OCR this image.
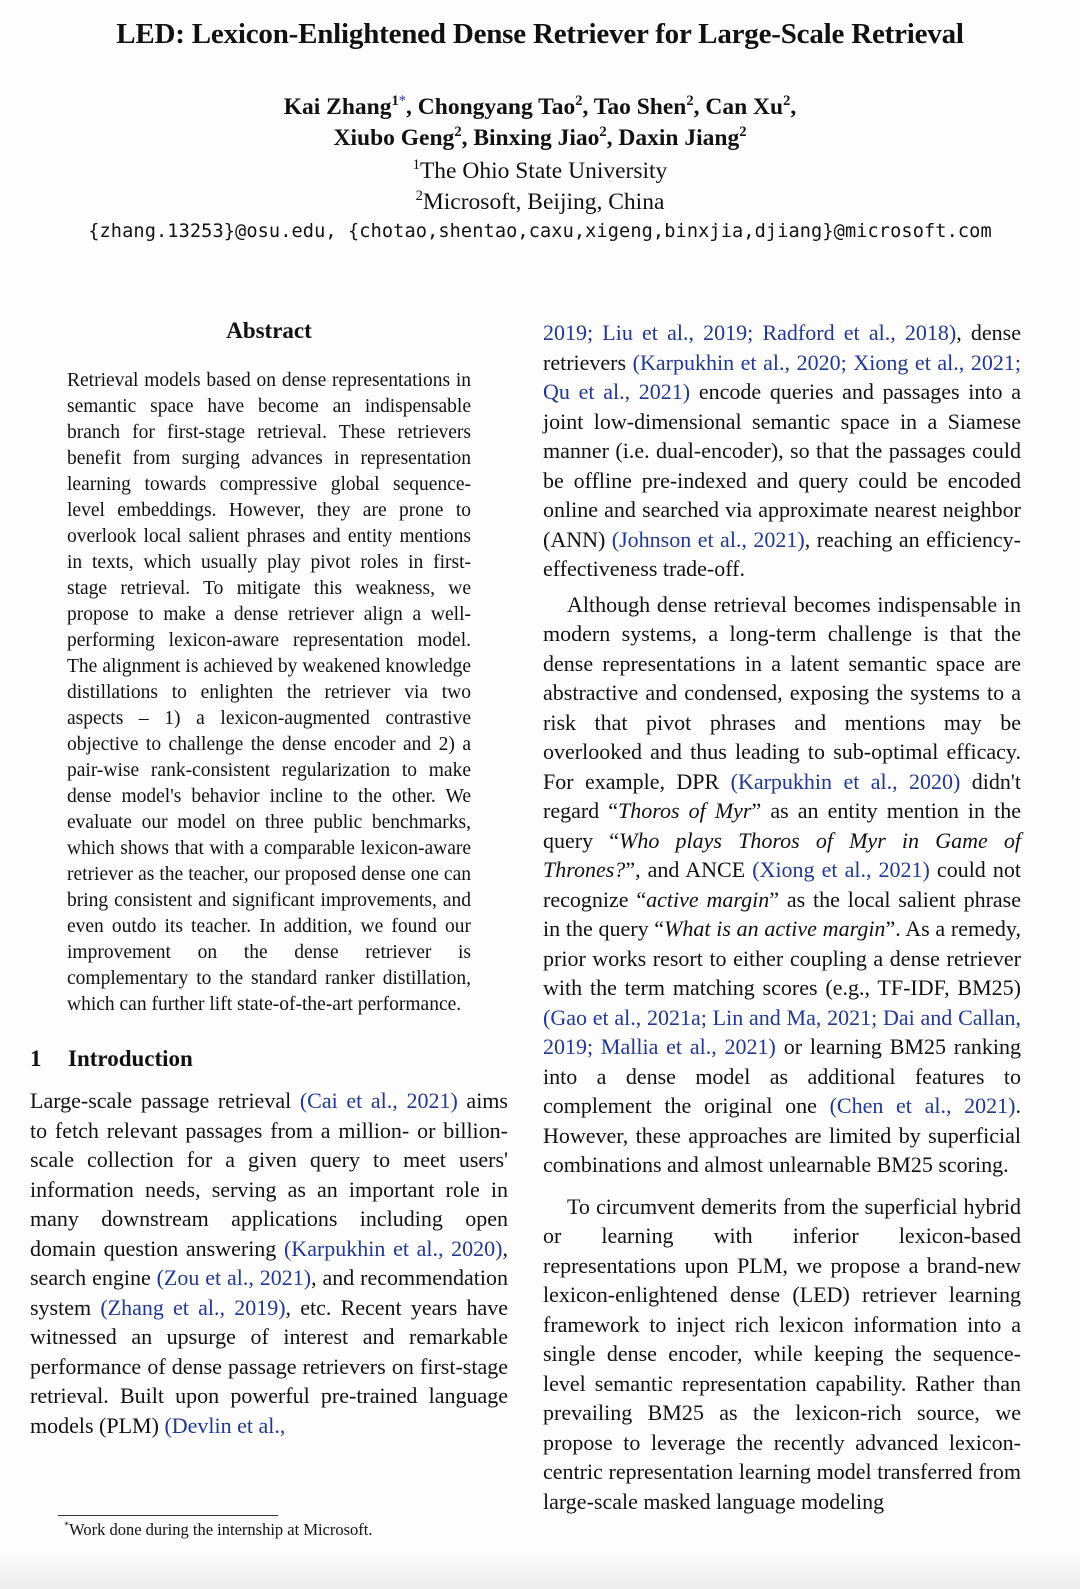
LED: Lexicon-Enlightened Dense Retriever for Large-Scale Retrieval
Kai Zhang$^{1*}$, Chongyang Tao$^2$, Tao Shen$^2$, Can Xu$^2$,
Xiubo Geng$^2$, Binxing Jiao$^2$, Daxin Jiang$^2$
$^1$The Ohio State University
$^2$Microsoft, Beijing, China
{zhang.13253}@osu.edu, {chotao,shentao,caxu,xigeng,binxjia,djiang}@microsoft.com
Abstract

Retrieval models based on dense representations in semantic space have become an indispensable branch for first-stage retrieval. These retrievers benefit from surging advances in representation learning towards compressive global sequence-level embeddings. However, they are prone to overlook local salient phrases and entity mentions in texts, which usually play pivot roles in first-stage retrieval. To mitigate this weakness, we propose to make a dense retriever align a well-performing lexicon-aware representation model. The alignment is achieved by weakened knowledge distillations to enlighten the retriever via two aspects – 1) a lexicon-augmented contrastive objective to challenge the dense encoder and 2) a pair-wise rank-consistent regularization to make dense model's behavior incline to the other. We evaluate our model on three public benchmarks, which shows that with a comparable lexicon-aware retriever as the teacher, our proposed dense one can bring consistent and significant improvements, and even outdo its teacher. In addition, we found our improvement on the dense retriever is complementary to the standard ranker distillation, which can further lift state-of-the-art performance.

1 Introduction

Large-scale passage retrieval (Cai et al., 2021) aims to fetch relevant passages from a million- or billion-scale collection for a given query to meet users' information needs, serving as an important role in many downstream applications including open domain question answering (Karpukhin et al., 2020), search engine (Zou et al., 2021), and recommendation system (Zhang et al., 2019), etc. Recent years have witnessed an upsurge of interest and remarkable performance of dense passage retrievers on first-stage retrieval. Built upon powerful pre-trained language models (PLM) (Devlin et al.,

2019; Liu et al., 2019; Radford et al., 2018), dense retrievers (Karpukhin et al., 2020; Xiong et al., 2021; Qu et al., 2021) encode queries and passages into a joint low-dimensional semantic space in a Siamese manner (i.e. dual-encoder), so that the passages could be offline pre-indexed and query could be encoded online and searched via approximate nearest neighbor (ANN) (Johnson et al., 2021), reaching an efficiency-effectiveness trade-off.

Although dense retrieval becomes indispensable in modern systems, a long-term challenge is that the dense representations in a latent semantic space are abstractive and condensed, exposing the systems to a risk that pivot phrases and mentions may be overlooked and thus leading to sub-optimal efficacy. For example, DPR (Karpukhin et al., 2020) didn't regard “Thoros of Myr” as an entity mention in the query “Who plays Thoros of Myr in Game of Thrones?”, and ANCE (Xiong et al., 2021) could not recognize “active margin” as the local salient phrase in the query “What is an active margin”. As a remedy, prior works resort to either coupling a dense retriever with the term matching scores (e.g., TF-IDF, BM25) (Gao et al., 2021a; Lin and Ma, 2021; Dai and Callan, 2019; Mallia et al., 2021) or learning BM25 ranking into a dense model as additional features to complement the original one (Chen et al., 2021). However, these approaches are limited by superficial combinations and almost unlearnable BM25 scoring.

To circumvent demerits from the superficial hybrid or learning with inferior lexicon-based representations upon PLM, we propose a brand-new lexicon-enlightened dense (LED) retriever learning framework to inject rich lexicon information into a single dense encoder, while keeping the sequence-level semantic representation capability. Rather than prevailing BM25 as the lexicon-rich source, we propose to leverage the recently advanced lexicon-centric representation learning model transferred from large-scale masked language modeling

*Work done during the internship at Microsoft.
